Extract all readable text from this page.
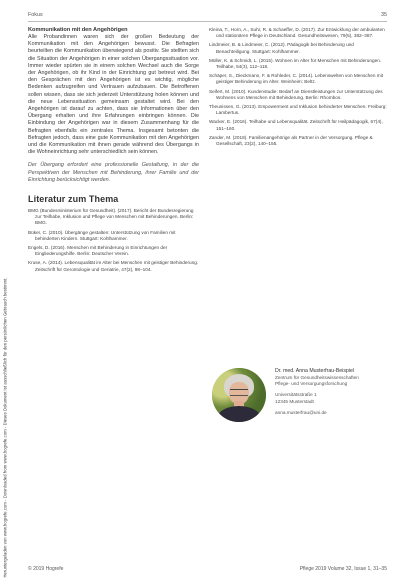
Heruntergeladen von www.hogrefe.com - Downloaded from www.hogrefe.com - Dieses Dokument ist ausschließlich für den persönlichen Gebrauch bestimmt.
Fokus	35
Kommunikation mit den Angehörigen

Alle Probandinnen waren sich der großen Bedeutung der Kommunikation mit den Angehörigen bewusst. Die Befragten beurteilten die Kommunikation überwiegend als positiv. Sie stellten sich die Situation der Angehörigen in einer solchen Übergangssituation vor. Immer wieder spürten sie in einem solchen Wechsel auch die Sorge der Angehörigen, ob ihr Kind in der Einrichtung gut betreut wird. Bei den Gesprächen mit den Angehörigen ist es wichtig, mögliche Bedenken aufzugreifen und Vertrauen aufzubauen. Die Betroffenen sollen wissen, dass sie sich jederzeit Unterstützung holen können und die neue Lebenssituation gemeinsam gestaltet wird. Bei den Angehörigen ist darauf zu achten, dass sie Informationen über den Übergang erhalten und ihre Erfahrungen einbringen können. Die Einbindung der Angehörigen war in diesem Zusammenhang für die Befragten ebenfalls ein zentrales Thema. Insgesamt betonten die Befragten jedoch, dass eine gute Kommunikation mit den Angehörigen und die Kommunikation mit ihnen gerade während des Übergangs in die Wohneinrichtung sehr unterschiedlich sein können.

Der Übergang erfordert eine professionelle Gestaltung, in der die Perspektiven der Menschen mit Behinderung, ihrer Familie und der Einrichtung berücksichtigt werden.

Literatur zum Thema

BMG (Bundesministerium für Gesundheit). (2017). Bericht der Bundesregierung zur Teilhabe, Inklusion und Pflege von Menschen mit Behinderungen. Berlin: BMG.

Büker, C. (2010). Übergänge gestalten: Unterstützung von Familien mit behinderten Kindern. Stuttgart: Kohlhammer.

Engels, D. (2016). Menschen mit Behinderung in Einrichtungen der Eingliederungshilfe. Berlin: Deutscher Verein.

Kruse, A. (2014). Lebensqualität im Alter bei Menschen mit geistiger Behinderung. Zeitschrift für Gerontologie und Geriatrie, 47(2), 98–104.

Kleina, T., Horn, A., Suhr, R. & Schaeffer, D. (2017). Zur Entwicklung der ambulanten und stationären Pflege in Deutschland. Gesundheitswesen, 79(5), 382–387.

Lindmeier, B. & Lindmeier, C. (2012). Pädagogik bei Behinderung und Benachteiligung. Stuttgart: Kohlhammer.

Müller, K. & Schmidt, L. (2015). Wohnen im Alter für Menschen mit Behinderungen. Teilhabe, 54(3), 112–118.

Schäper, S., Dieckmann, F. & Rohleder, C. (2014). Lebenswelten von Menschen mit geistiger Behinderung im Alter. Weinheim: Beltz.

Seifert, M. (2010). Kundenstudie: Bedarf an Dienstleistungen zur Unterstützung des Wohnens von Menschen mit Behinderung. Berlin: Rhombos.

Theunissen, G. (2013). Empowerment und Inklusion behinderter Menschen. Freiburg: Lambertus.

Wacker, E. (2016). Teilhabe und Lebensqualität. Zeitschrift für Heilpädagogik, 67(4), 151–160.

Zander, M. (2018). Familienangehörige als Partner in der Versorgung. Pflege & Gesellschaft, 23(2), 140–155.

Dr. med. Anna Musterfrau-Beispiel

Zentrum für Gesundheitswissenschaften

Pflege- und Versorgungsforschung

Universitätsstraße 1

12345 Musterstadt

anna.musterfrau@uni.de

© 2019 Hogrefe	Pflege 2019 Volume 32, Issue 1, 31–35
